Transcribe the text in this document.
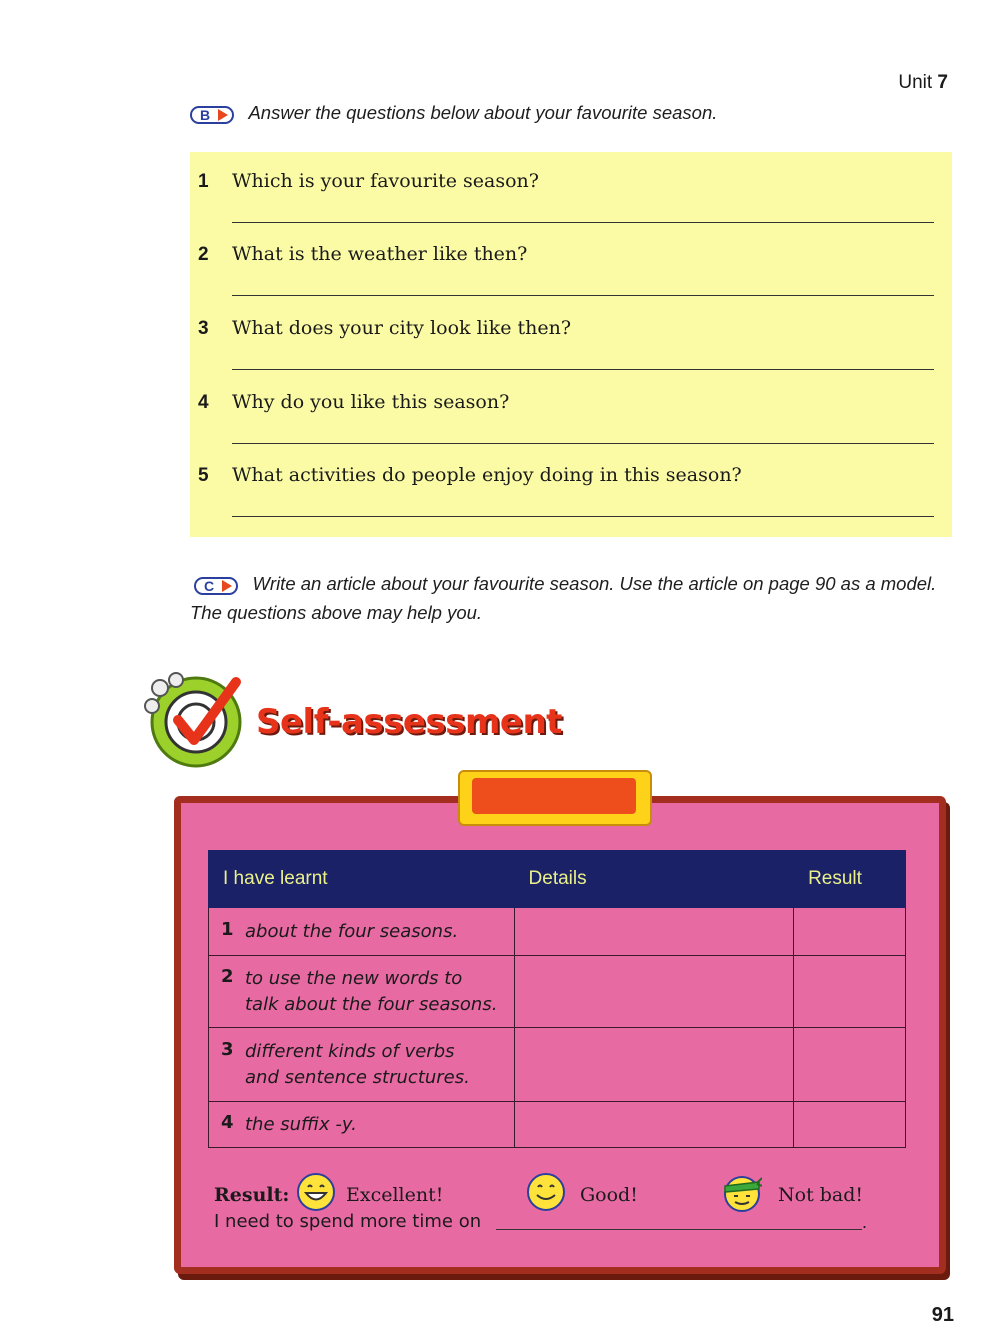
Unit 7
B Answer the questions below about your favourite season.
1 Which is your favourite season?
2 What is the weather like then?
3 What does your city look like then?
4 Why do you like this season?
5 What activities do people enjoy doing in this season?
C Write an article about your favourite season. Use the article on page 90 as a model. The questions above may help you.
Self-assessment
I have learnt	Details	Result
1 about the four seasons.		
2 to use the new words to
talk about the four seasons.		
3 different kinds of verbs
and sentence structures.		
4 the suffix -y.		
Result:	Excellent!	Good!	Not bad!
I need to spend more time on	.
91
